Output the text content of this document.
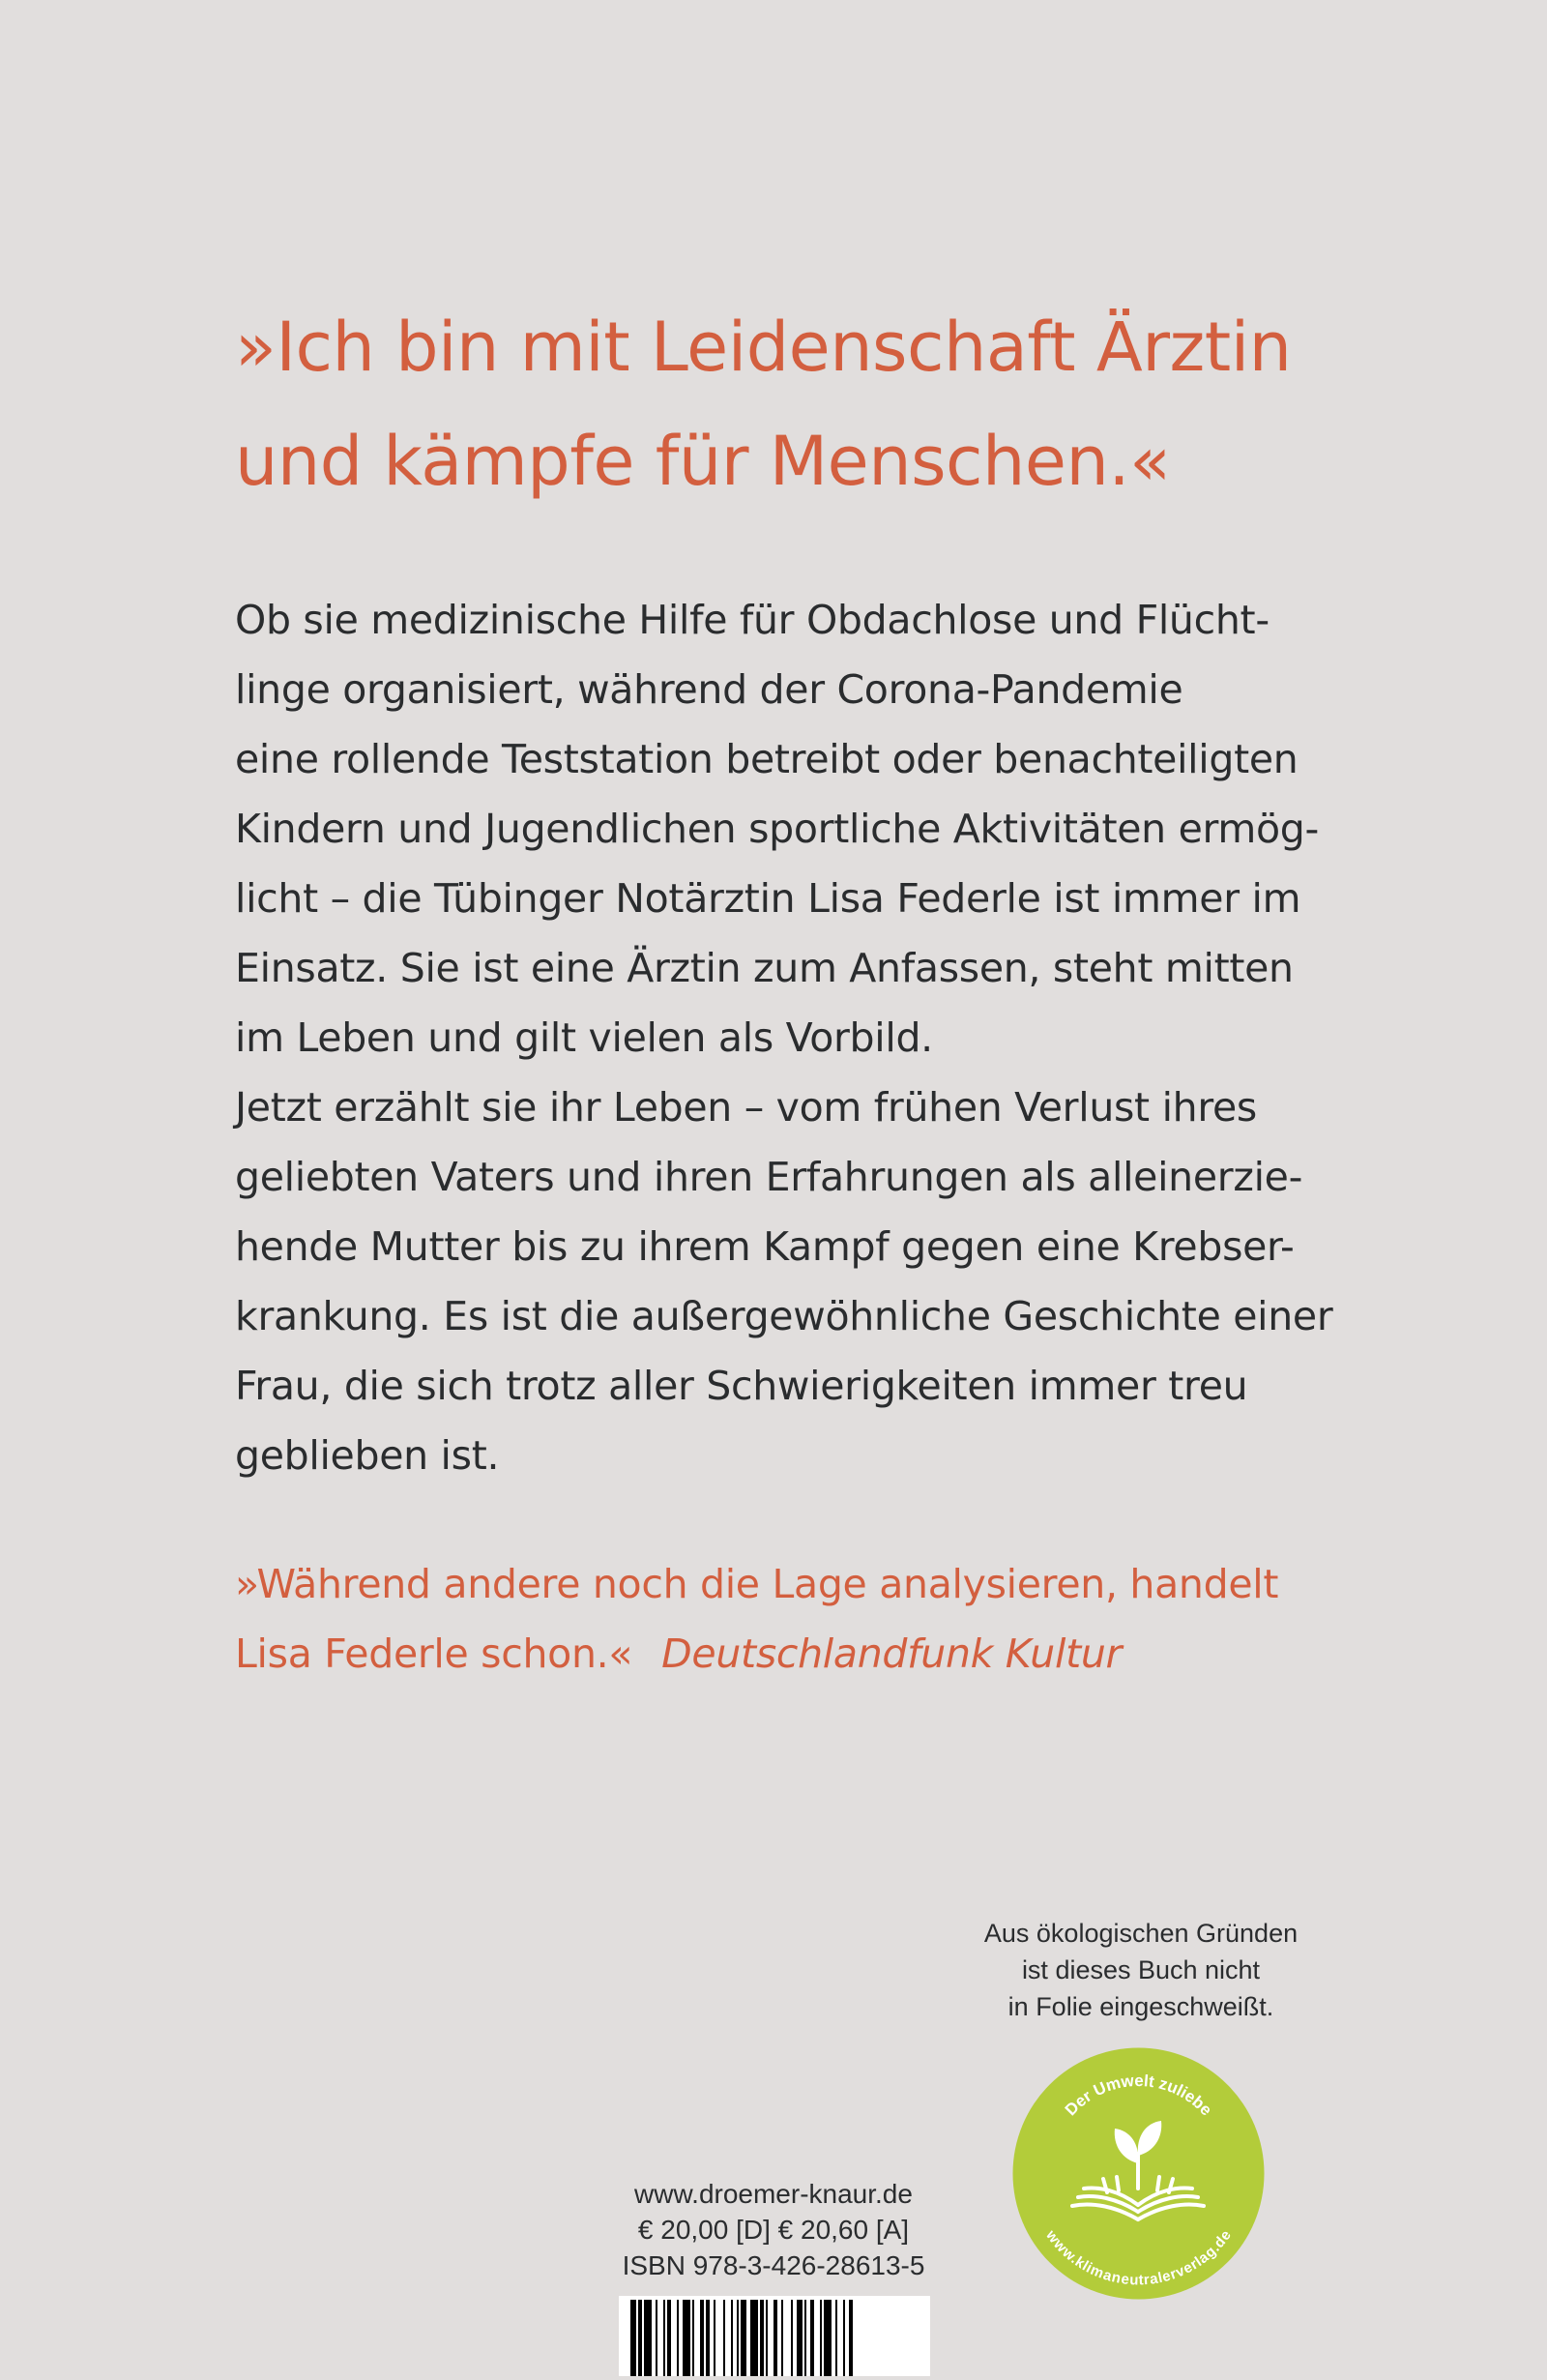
»Ich bin mit Leidenschaft Ärztin
und kämpfe für Menschen.«
Ob sie medizinische Hilfe für Obdachlose und Flücht-
linge organisiert, während der Corona-Pandemie
eine rollende Teststation betreibt oder benachteiligten
Kindern und Jugendlichen sportliche Aktivitäten ermög-
licht – die Tübinger Notärztin Lisa Federle ist immer im
Einsatz. Sie ist eine Ärztin zum Anfassen, steht mitten
im Leben und gilt vielen als Vorbild.
Jetzt erzählt sie ihr Leben – vom frühen Verlust ihres
geliebten Vaters und ihren Erfahrungen als alleinerzie-
hende Mutter bis zu ihrem Kampf gegen eine Krebser-
krankung. Es ist die außergewöhnliche Geschichte einer
Frau, die sich trotz aller Schwierigkeiten immer treu
geblieben ist.
»Während andere noch die Lage analysieren, handelt
Lisa Federle schon.« Deutschlandfunk Kultur
Aus ökologischen Gründen
ist dieses Buch nicht
in Folie eingeschweißt.
Der Umwelt zuliebe
www.klimaneutralerverlag.de
www.droemer-knaur.de
€ 20,00 [D] € 20,60 [A]
ISBN 978-3-426-28613-5
